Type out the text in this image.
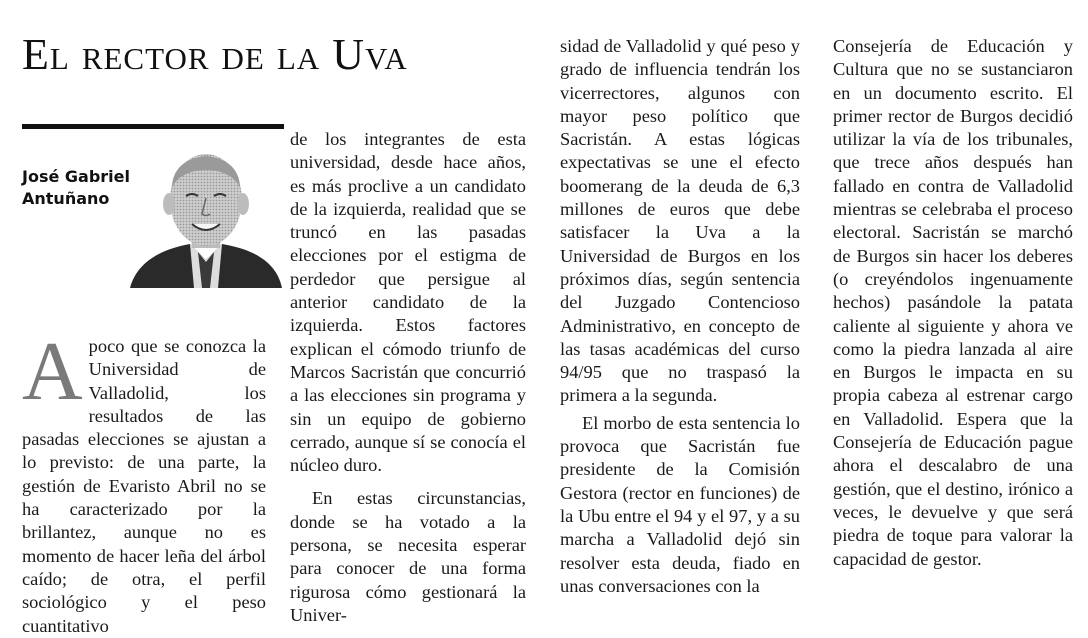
El rector de la Uva
José Gabriel
Antuñano

Apoco que se conozca la Universidad de Valladolid, los resultados de las pasadas elecciones se ajustan a lo previsto: de una parte, la gestión de Evaristo Abril no se ha caracterizado por la brillantez, aunque no es momento de hacer leña del árbol caído; de otra, el perfil sociológico y el peso cuantitativo

de los integrantes de esta universidad, desde hace años, es más proclive a un candidato de la izquierda, realidad que se truncó en las pasadas elecciones por el estigma de perdedor que persigue al anterior candidato de la izquierda. Estos factores explican el cómodo triunfo de Marcos Sacristán que concurrió a las elecciones sin programa y sin un equipo de gobierno cerrado, aunque sí se conocía el núcleo duro.

En estas circunstancias, donde se ha votado a la persona, se necesita esperar para conocer de una forma rigurosa cómo gestionará la Univer-

sidad de Valladolid y qué peso y grado de influencia tendrán los vicerrectores, algunos con mayor peso político que Sacristán. A estas lógicas expectativas se une el efecto boomerang de la deuda de 6,3 millones de euros que debe satisfacer la Uva a la Universidad de Burgos en los próximos días, según sentencia del Juzgado Contencioso Administrativo, en concepto de las tasas académicas del curso 94/95 que no traspasó la primera a la segunda.

El morbo de esta sentencia lo provoca que Sacristán fue presidente de la Comisión Gestora (rector en funciones) de la Ubu entre el 94 y el 97, y a su marcha a Valladolid dejó sin resolver esta deuda, fiado en unas conversaciones con la

Consejería de Educación y Cultura que no se sustanciaron en un documento escrito. El primer rector de Burgos decidió utilizar la vía de los tribunales, que trece años después han fallado en contra de Valladolid mientras se celebraba el proceso electoral. Sacristán se marchó de Burgos sin hacer los deberes (o creyéndolos ingenuamente hechos) pasándole la patata caliente al siguiente y ahora ve como la piedra lanzada al aire en Burgos le impacta en su propia cabeza al estrenar cargo en Valladolid. Espera que la Consejería de Educación pague ahora el descalabro de una gestión, que el destino, irónico a veces, le devuelve y que será piedra de toque para valorar la capacidad de gestor.
